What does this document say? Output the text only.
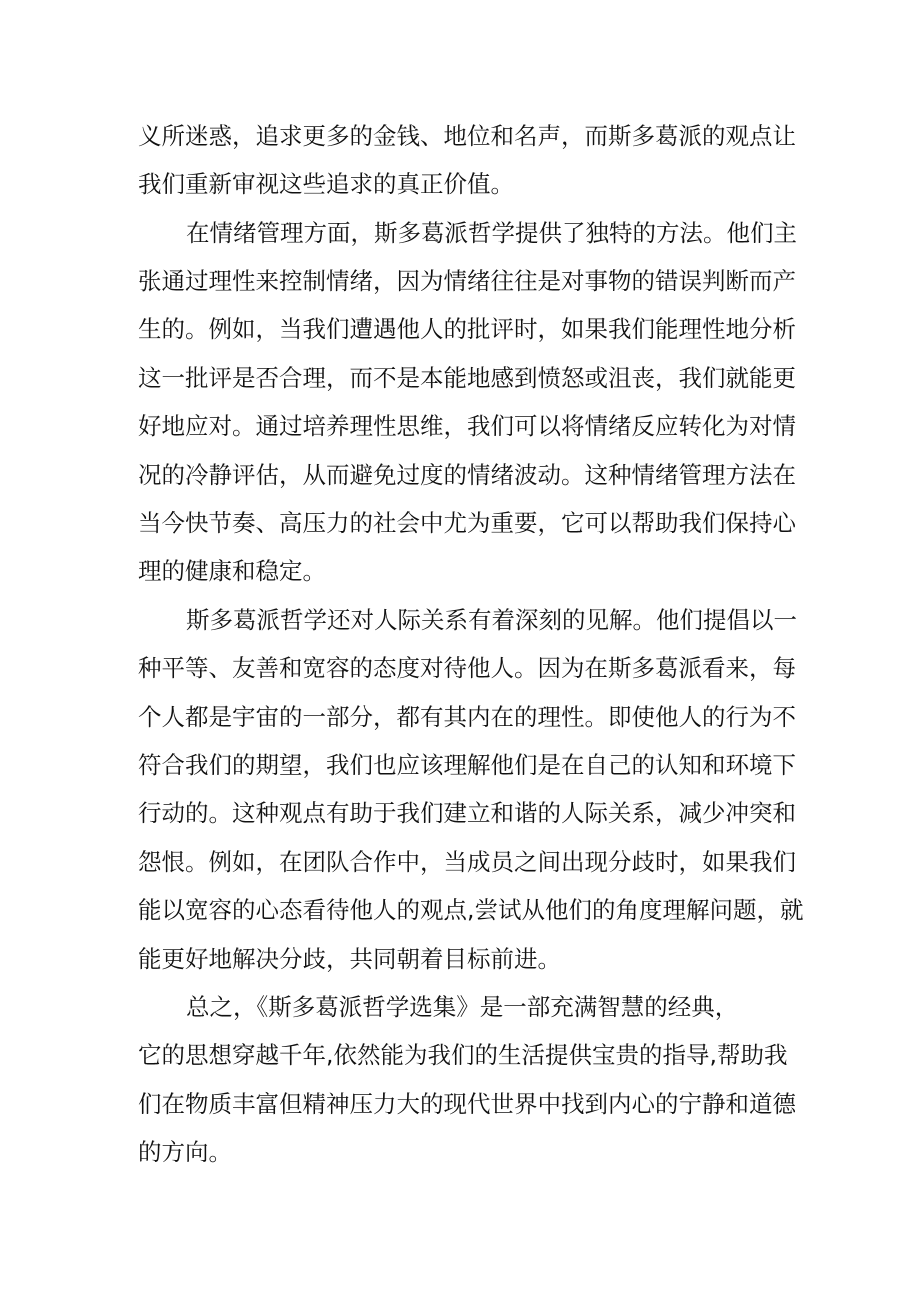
义所迷惑，追求更多的金钱、地位和名声，而斯多葛派的观点让
我们重新审视这些追求的真正价值。
在情绪管理方面，斯多葛派哲学提供了独特的方法。他们主
张通过理性来控制情绪，因为情绪往往是对事物的错误判断而产
生的。例如，当我们遭遇他人的批评时，如果我们能理性地分析
这一批评是否合理，而不是本能地感到愤怒或沮丧，我们就能更
好地应对。通过培养理性思维，我们可以将情绪反应转化为对情
况的冷静评估，从而避免过度的情绪波动。这种情绪管理方法在
当今快节奏、高压力的社会中尤为重要，它可以帮助我们保持心
理的健康和稳定。
斯多葛派哲学还对人际关系有着深刻的见解。他们提倡以一
种平等、友善和宽容的态度对待他人。因为在斯多葛派看来，每
个人都是宇宙的一部分，都有其内在的理性。即使他人的行为不
符合我们的期望，我们也应该理解他们是在自己的认知和环境下
行动的。这种观点有助于我们建立和谐的人际关系，减少冲突和
怨恨。例如，在团队合作中，当成员之间出现分歧时，如果我们
能以宽容的心态看待他人的观点,尝试从他们的角度理解问题，就
能更好地解决分歧，共同朝着目标前进。
总之，《斯多葛派哲学选集》是一部充满智慧的经典，
它的思想穿越千年,依然能为我们的生活提供宝贵的指导,帮助我
们在物质丰富但精神压力大的现代世界中找到内心的宁静和道德
的方向。
